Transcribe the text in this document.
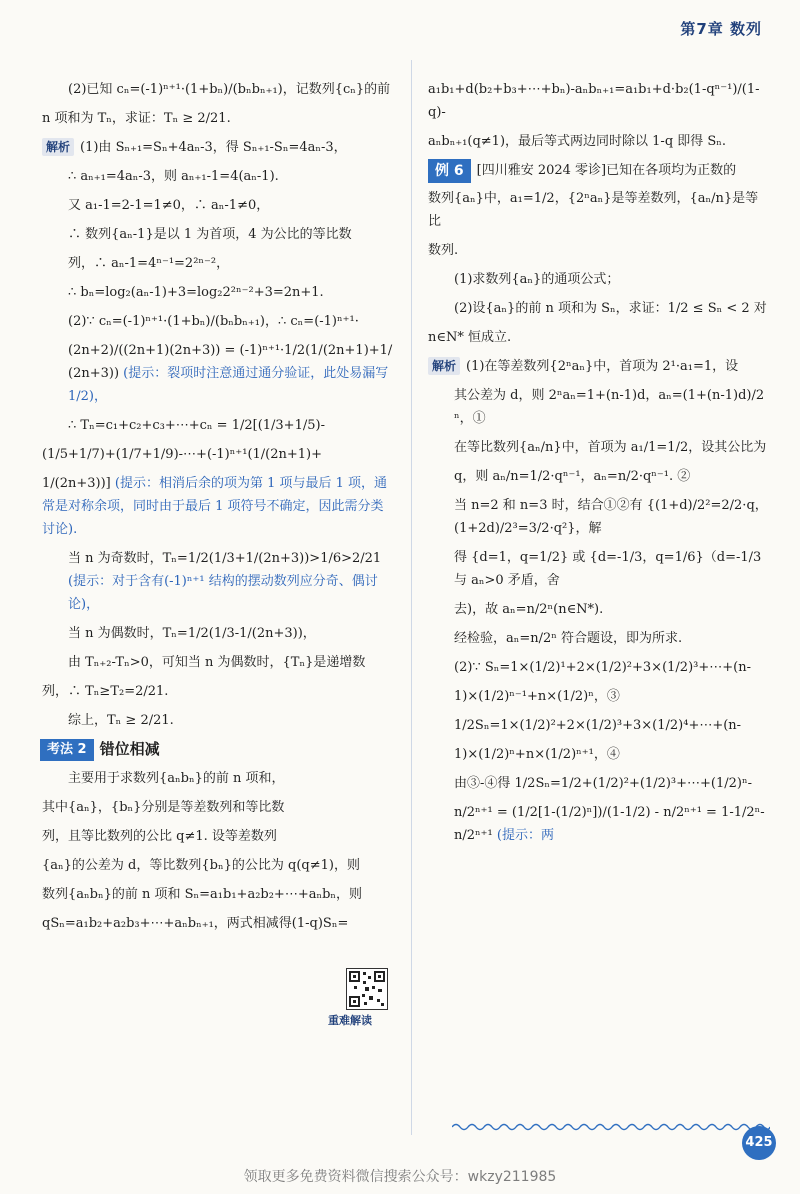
第7章 数列

(2)已知 cₙ=(-1)ⁿ⁺¹·(1+bₙ)/(bₙbₙ₊₁)，记数列{cₙ}的前

n 项和为 Tₙ，求证：Tₙ ≥ 2/21.

解析 (1)由 Sₙ₊₁=Sₙ+4aₙ-3，得 Sₙ₊₁-Sₙ=4aₙ-3，

∴ aₙ₊₁=4aₙ-3，则 aₙ₊₁-1=4(aₙ-1).

又 a₁-1=2-1=1≠0，∴ aₙ-1≠0，

∴ 数列{aₙ-1}是以 1 为首项，4 为公比的等比数

列，∴ aₙ-1=4ⁿ⁻¹=2²ⁿ⁻²，

∴ bₙ=log₂(aₙ-1)+3=log₂2²ⁿ⁻²+3=2n+1.

(2)∵ cₙ=(-1)ⁿ⁺¹·(1+bₙ)/(bₙbₙ₊₁)，∴ cₙ=(-1)ⁿ⁺¹·

(2n+2)/((2n+1)(2n+3)) = (-1)ⁿ⁺¹·1/2(1/(2n+1)+1/(2n+3)) (提示：裂项时注意通过通分验证，此处易漏写1/2)，

∴ Tₙ=c₁+c₂+c₃+⋯+cₙ = 1/2[(1/3+1/5)-

(1/5+1/7)+(1/7+1/9)-⋯+(-1)ⁿ⁺¹(1/(2n+1)+

1/(2n+3))] (提示：相消后余的项为第 1 项与最后 1 项，通常是对称余项，同时由于最后 1 项符号不确定，因此需分类讨论).

当 n 为奇数时，Tₙ=1/2(1/3+1/(2n+3))>1/6>2/21 (提示：对于含有(-1)ⁿ⁺¹ 结构的摆动数列应分奇、偶讨论)，

当 n 为偶数时，Tₙ=1/2(1/3-1/(2n+3))，

由 Tₙ₊₂-Tₙ>0，可知当 n 为偶数时，{Tₙ}是递增数

列，∴ Tₙ≥T₂=2/21.

综上，Tₙ ≥ 2/21.

考法 2 错位相减

主要用于求数列{aₙbₙ}的前 n 项和，

其中{aₙ}，{bₙ}分别是等差数列和等比数

列，且等比数列的公比 q≠1. 设等差数列

{aₙ}的公差为 d，等比数列{bₙ}的公比为 q(q≠1)，则

数列{aₙbₙ}的前 n 项和 Sₙ=a₁b₁+a₂b₂+⋯+aₙbₙ，则

qSₙ=a₁b₂+a₂b₃+⋯+aₙbₙ₊₁，两式相减得(1-q)Sₙ=

重难解读

a₁b₁+d(b₂+b₃+⋯+bₙ)-aₙbₙ₊₁=a₁b₁+d·b₂(1-qⁿ⁻¹)/(1-q)-

aₙbₙ₊₁(q≠1)，最后等式两边同时除以 1-q 即得 Sₙ.

例 6	[四川雅安 2024 零诊]已知在各项均为正数的

数列{aₙ}中，a₁=1/2，{2ⁿaₙ}是等差数列，{aₙ/n}是等比

数列.

(1)求数列{aₙ}的通项公式；

(2)设{aₙ}的前 n 项和为 Sₙ，求证：1/2 ≤ Sₙ < 2 对

n∈N* 恒成立.

解析 (1)在等差数列{2ⁿaₙ}中，首项为 2¹·a₁=1，设

其公差为 d，则 2ⁿaₙ=1+(n-1)d，aₙ=(1+(n-1)d)/2ⁿ，①

在等比数列{aₙ/n}中，首项为 a₁/1=1/2，设其公比为

q，则 aₙ/n=1/2·qⁿ⁻¹，aₙ=n/2·qⁿ⁻¹. ②

当 n=2 和 n=3 时，结合①②有 {(1+d)/2²=2/2·q，(1+2d)/2³=3/2·q²}，解

得 {d=1，q=1/2} 或 {d=-1/3，q=1/6}（d=-1/3 与 aₙ>0 矛盾，舍

去)，故 aₙ=n/2ⁿ(n∈N*).

经检验，aₙ=n/2ⁿ 符合题设，即为所求.

(2)∵ Sₙ=1×(1/2)¹+2×(1/2)²+3×(1/2)³+⋯+(n-

1)×(1/2)ⁿ⁻¹+n×(1/2)ⁿ，③

1/2Sₙ=1×(1/2)²+2×(1/2)³+3×(1/2)⁴+⋯+(n-

1)×(1/2)ⁿ+n×(1/2)ⁿ⁺¹，④

由③-④得 1/2Sₙ=1/2+(1/2)²+(1/2)³+⋯+(1/2)ⁿ-

n/2ⁿ⁺¹ = (1/2[1-(1/2)ⁿ])/(1-1/2) - n/2ⁿ⁺¹ = 1-1/2ⁿ-n/2ⁿ⁺¹ (提示：两

425
领取更多免费资料微信搜索公众号：wkzy211985
